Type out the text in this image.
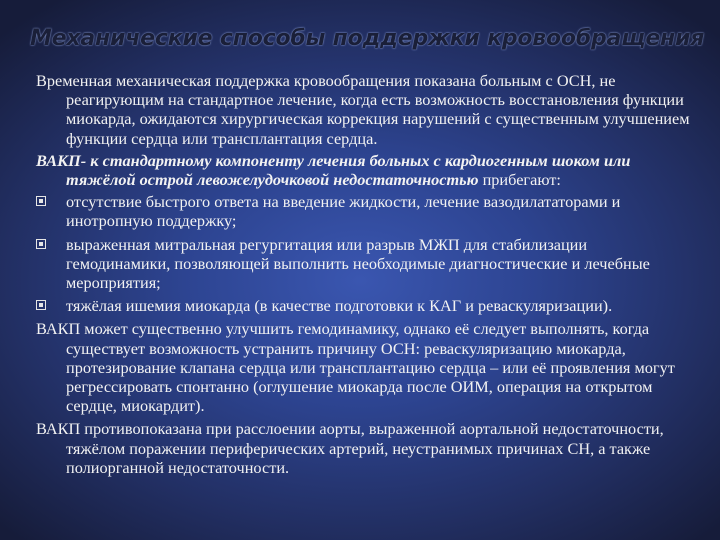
Механические способы поддержки кровообращения

Временная механическая поддержка кровообращения показана больным с ОСН, не реагирующим на стандартное лечение, когда есть возможность восстановления функции миокарда, ожидаются хирургическая коррекция нарушений с существенным улучшением функции сердца или трансплантация сердца.

ВАКП- к стандартному компоненту лечения больных с кардиогенным шоком или тяжёлой острой левожелудочковой недостаточностью прибегают:

отсутствие быстрого ответа на введение жидкости, лечение вазодилататорами и инотропную поддержку;
выраженная митральная регургитация или разрыв МЖП для стабилизации гемодинамики, позволяющей выполнить необходимые диагностические и лечебные мероприятия;
тяжёлая ишемия миокарда (в качестве подготовки к КАГ и реваскуляризации).

ВАКП может существенно улучшить гемодинамику, однако её следует выполнять, когда существует возможность устранить причину ОСН: реваскуляризацию миокарда, протезирование клапана сердца или трансплантацию сердца – или её проявления могут регрессировать спонтанно (оглушение миокарда после ОИМ, операция на открытом сердце, миокардит).

ВАКП противопоказана при расслоении аорты, выраженной аортальной недостаточности, тяжёлом поражении периферических артерий, неустранимых причинах СН, а также полиорганной недостаточности.
